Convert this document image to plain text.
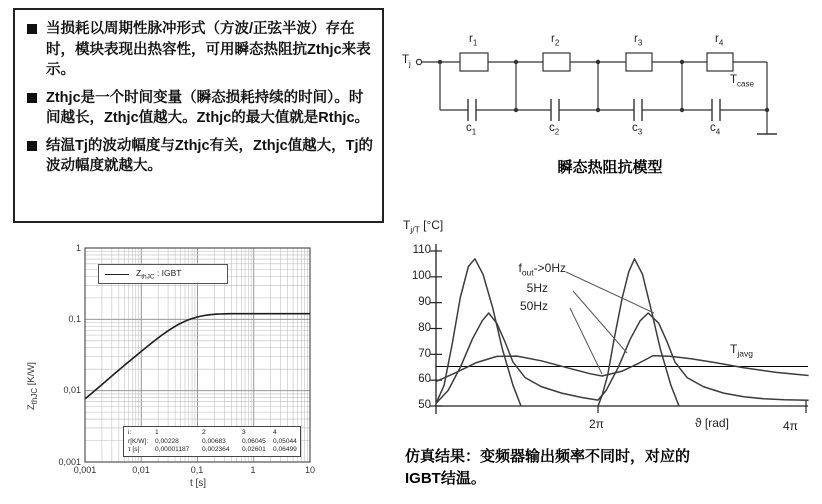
当损耗以周期性脉冲形式（方波/正弦半波）存在时，模块表现出热容性，可用瞬态热阻抗Zthjc来表示。
Zthjc是一个时间变量（瞬态损耗持续的时间）。时间越长，Zthjc值越大。Zthjc的最大值就是Rthjc。
结温Tj的波动幅度与Zthjc有关，Zthjc值越大，Tj的波动幅度就越大。
$T_j$
$T_{case}$
$r_1$	$r_2$	$r_3$	$r_4$
$c_1$	$c_2$	$c_3$	$c_4$
瞬态热阻抗模型
$Z_{thJC}$ [K/W]
$Z_{thJC}$ : IGBT
1
0,1
0,01
0,001
0,001	0,01	0,1	1	10
t [s]
i:	1	2	3	4
r[K/W]:	0,00228	0,00683	0,06045	0,05044
τ [s]:	0,00001187	0,002364	0,02601	0,06499
$T_{j/T}$ [°C]
110
100
90
80
70
60
50
2π	ϑ [rad]	4π
$f_{out}->0Hz$
5Hz
50Hz
$T_{javg}$
仿真结果：变频器输出频率不同时，对应的IGBT结温。
